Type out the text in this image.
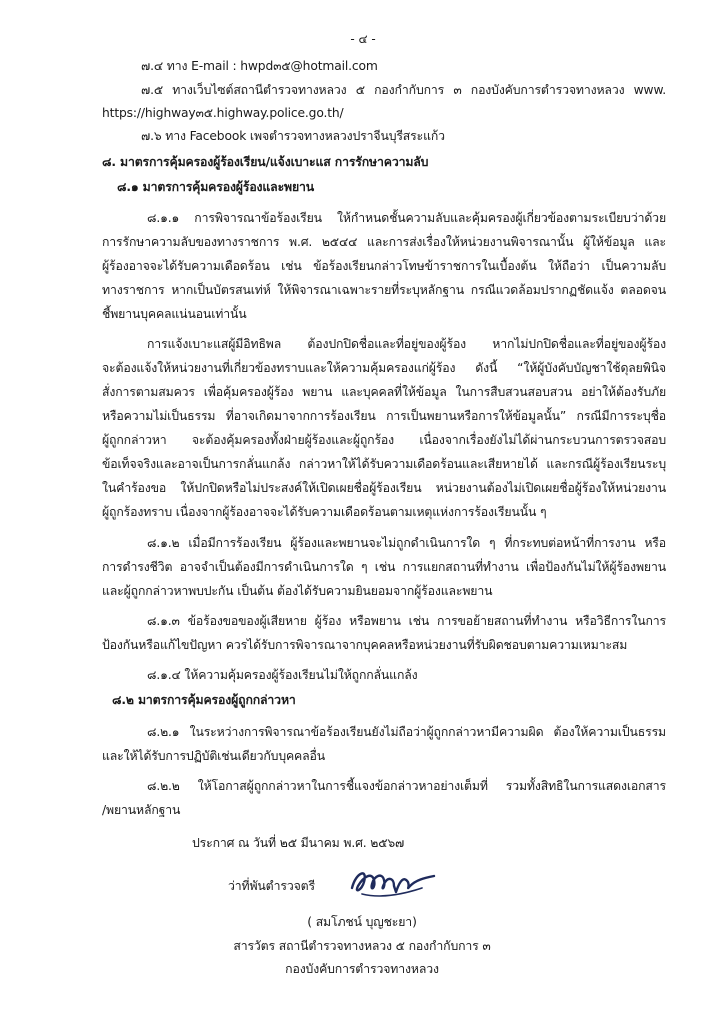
- ๔ -
๗.๔ ทาง E-mail : hwpd๓๕@hotmail.com
๗.๕ ทางเว็บไซต์สถานีตำรวจทางหลวง ๕ กองกำกับการ ๓ กองบังคับการตำรวจทางหลวง www.
https://highway๓๕.highway.police.go.th/
๗.๖ ทาง Facebook เพจตำรวจทางหลวงปราจีนบุรีสระแก้ว
๘. มาตรการคุ้มครองผู้ร้องเรียน/แจ้งเบาะแส การรักษาความลับ
๘.๑ มาตรการคุ้มครองผู้ร้องและพยาน
๘.๑.๑ การพิจารณาข้อร้องเรียน ให้กำหนดชั้นความลับและคุ้มครองผู้เกี่ยวข้องตามระเบียบว่าด้วย
การรักษาความลับของทางราชการ พ.ศ. ๒๕๔๔ และการส่งเรื่องให้หน่วยงานพิจารณานั้น ผู้ให้ข้อมูล และ
ผู้ร้องอาจจะได้รับความเดือดร้อน เช่น ข้อร้องเรียนกล่าวโทษข้าราชการในเบื้องต้น ให้ถือว่า เป็นความลับ
ทางราชการ หากเป็นบัตรสนเท่ห์ ให้พิจารณาเฉพาะรายที่ระบุหลักฐาน กรณีแวดล้อมปรากฏชัดแจ้ง ตลอดจน
ชี้พยานบุคคลแน่นอนเท่านั้น
การแจ้งเบาะแสผู้มีอิทธิพล ต้องปกปิดชื่อและที่อยู่ของผู้ร้อง หากไม่ปกปิดชื่อและที่อยู่ของผู้ร้อง
จะต้องแจ้งให้หน่วยงานที่เกี่ยวข้องทราบและให้ความคุ้มครองแก่ผู้ร้อง ดังนี้ “ให้ผู้บังคับบัญชาใช้ดุลยพินิจ
สั่งการตามสมควร เพื่อคุ้มครองผู้ร้อง พยาน และบุคคลที่ให้ข้อมูล ในการสืบสวนสอบสวน อย่าให้ต้องรับภัย
หรือความไม่เป็นธรรม ที่อาจเกิดมาจากการร้องเรียน การเป็นพยานหรือการให้ข้อมูลนั้น” กรณีมีการระบุชื่อ
ผู้ถูกกล่าวหา จะต้องคุ้มครองทั้งฝ่ายผู้ร้องและผู้ถูกร้อง เนื่องจากเรื่องยังไม่ได้ผ่านกระบวนการตรวจสอบ
ข้อเท็จจริงและอาจเป็นการกลั่นแกล้ง กล่าวหาให้ได้รับความเดือดร้อนและเสียหายได้ และกรณีผู้ร้องเรียนระบุ
ในคำร้องขอ ให้ปกปิดหรือไม่ประสงค์ให้เปิดเผยชื่อผู้ร้องเรียน หน่วยงานต้องไม่เปิดเผยชื่อผู้ร้องให้หน่วยงาน
ผู้ถูกร้องทราบ เนื่องจากผู้ร้องอาจจะได้รับความเดือดร้อนตามเหตุแห่งการร้องเรียนนั้น ๆ
๘.๑.๒ เมื่อมีการร้องเรียน ผู้ร้องและพยานจะไม่ถูกดำเนินการใด ๆ ที่กระทบต่อหน้าที่การงาน หรือ
การดำรงชีวิต อาจจำเป็นต้องมีการดำเนินการใด ๆ เช่น การแยกสถานที่ทำงาน เพื่อป้องกันไม่ให้ผู้ร้องพยาน
และผู้ถูกกล่าวหาพบปะกัน เป็นต้น ต้องได้รับความยินยอมจากผู้ร้องและพยาน
๘.๑.๓ ข้อร้องขอของผู้เสียหาย ผู้ร้อง หรือพยาน เช่น การขอย้ายสถานที่ทำงาน หรือวิธีการในการ
ป้องกันหรือแก้ไขปัญหา ควรได้รับการพิจารณาจากบุคคลหรือหน่วยงานที่รับผิดชอบตามความเหมาะสม
๘.๑.๔ ให้ความคุ้มครองผู้ร้องเรียนไม่ให้ถูกกลั่นแกล้ง
๘.๒ มาตรการคุ้มครองผู้ถูกกล่าวหา
๘.๒.๑ ในระหว่างการพิจารณาข้อร้องเรียนยังไม่ถือว่าผู้ถูกกล่าวหามีความผิด ต้องให้ความเป็นธรรม
และให้ได้รับการปฏิบัติเช่นเดียวกับบุคคลอื่น
๘.๒.๒ ให้โอกาสผู้ถูกกล่าวหาในการชี้แจงข้อกล่าวหาอย่างเต็มที่ รวมทั้งสิทธิในการแสดงเอกสาร
/พยานหลักฐาน
ประกาศ ณ วันที่ ๒๕ มีนาคม พ.ศ. ๒๕๖๗
ว่าที่พันตำรวจตรี
( สมโภชน์ บุญชะยา)
สารวัตร สถานีตำรวจทางหลวง ๕ กองกำกับการ ๓
กองบังคับการตำรวจทางหลวง
